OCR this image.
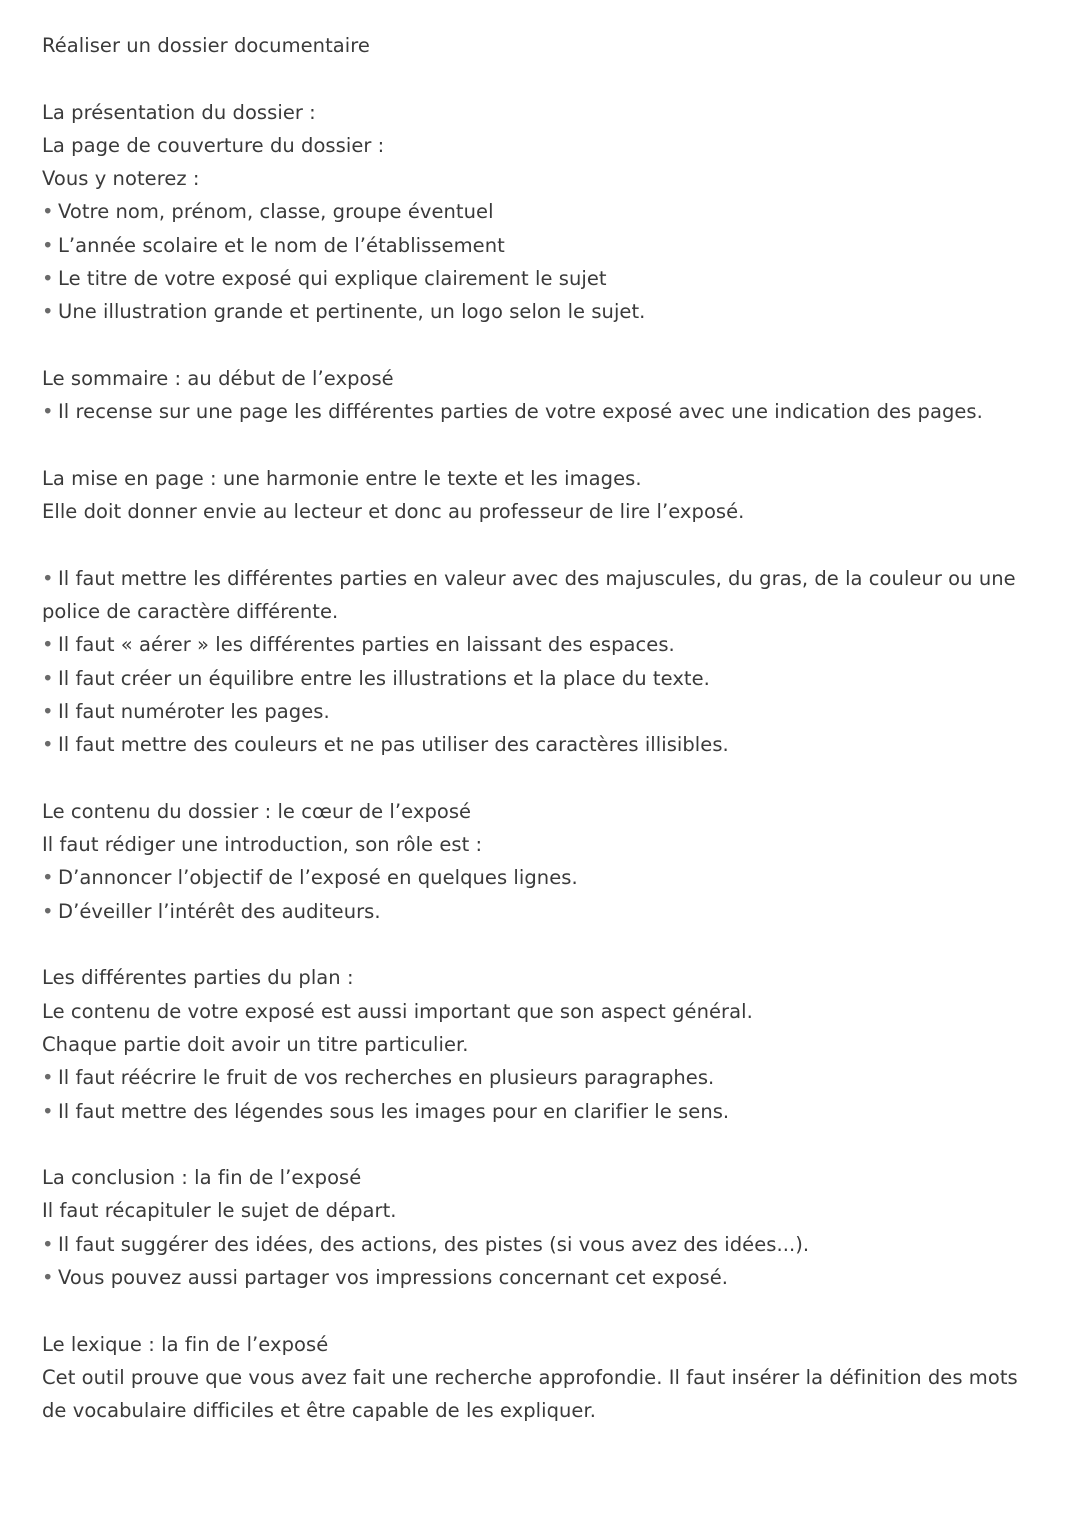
Réaliser un dossier documentaire
La présentation du dossier :
La page de couverture du dossier :
Vous y noterez :
• Votre nom, prénom, classe, groupe éventuel
• L’année scolaire et le nom de l’établissement
• Le titre de votre exposé qui explique clairement le sujet
• Une illustration grande et pertinente, un logo selon le sujet.
Le sommaire : au début de l’exposé
• Il recense sur une page les différentes parties de votre exposé avec une indication des pages.
La mise en page : une harmonie entre le texte et les images.
Elle doit donner envie au lecteur et donc au professeur de lire l’exposé.
• Il faut mettre les différentes parties en valeur avec des majuscules, du gras, de la couleur ou une police de caractère différente.
• Il faut « aérer » les différentes parties en laissant des espaces.
• Il faut créer un équilibre entre les illustrations et la place du texte.
• Il faut numéroter les pages.
• Il faut mettre des couleurs et ne pas utiliser des caractères illisibles.
Le contenu du dossier : le cœur de l’exposé
Il faut rédiger une introduction, son rôle est :
• D’annoncer l’objectif de l’exposé en quelques lignes.
• D’éveiller l’intérêt des auditeurs.
Les différentes parties du plan :
Le contenu de votre exposé est aussi important que son aspect général.
Chaque partie doit avoir un titre particulier.
• Il faut réécrire le fruit de vos recherches en plusieurs paragraphes.
• Il faut mettre des légendes sous les images pour en clarifier le sens.
La conclusion : la fin de l’exposé
Il faut récapituler le sujet de départ.
• Il faut suggérer des idées, des actions, des pistes (si vous avez des idées...).
• Vous pouvez aussi partager vos impressions concernant cet exposé.
Le lexique : la fin de l’exposé
Cet outil prouve que vous avez fait une recherche approfondie. Il faut insérer la définition des mots de vocabulaire difficiles et être capable de les expliquer.
